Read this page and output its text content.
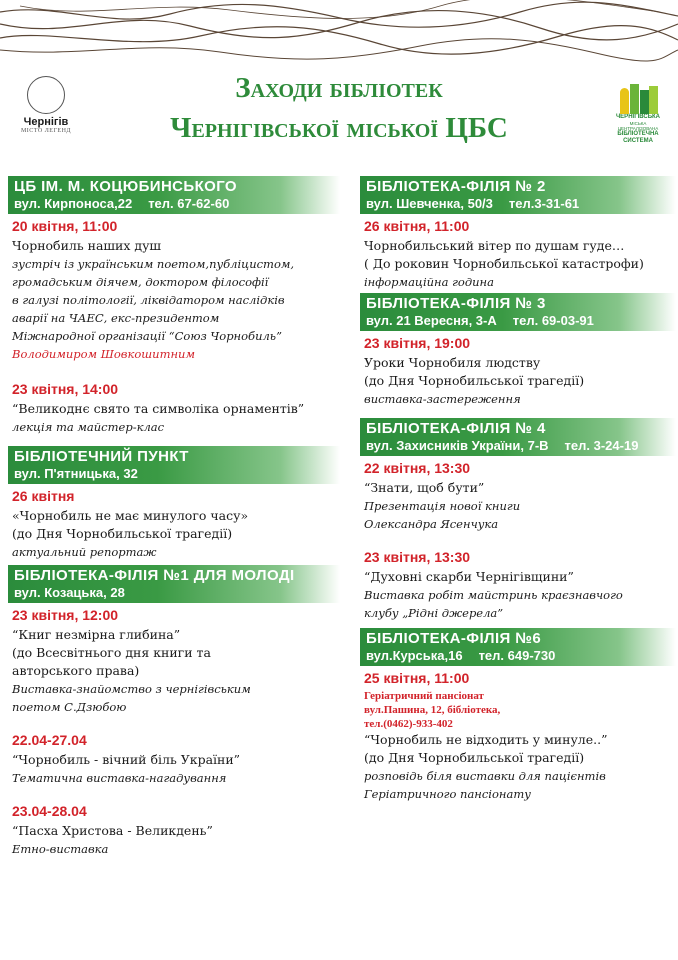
Чернігів
МІСТО ЛЕГЕНД
ЧЕРНІГІВСЬКА
МІСЬКА ЦЕНТРАЛІЗОВАНА
БІБЛІОТЕЧНА
СИСТЕМА
Заходи бібліотек
Чернігівської міської ЦБС
ЦБ ІМ. М. КОЦЮБИНСЬКОГО
вул. Кирпоноса,22 тел. 67-62-60
20 квітня, 11:00
Чорнобиль наших душ
зустріч із українським поетом,публіцистом,
громадським діячем, доктором філософії
в галузі політології, ліквідатором наслідків
аварії на ЧАЕС, екс-президентом
Міжнародної організації “Союз Чорнобиль”
Володимиром Шовкошитним
23 квітня, 14:00
“Великоднє свято та символіка орнаментів”
лекція та майстер-клас
БІБЛІОТЕЧНИЙ ПУНКТ
вул. П'ятницька, 32
26 квітня
«Чорнобиль не має минулого часу»
(до Дня Чорнобильської трагедії)
актуальний репортаж
БІБЛІОТЕКА-ФІЛІЯ №1 ДЛЯ МОЛОДІ
вул. Козацька, 28
23 квітня, 12:00
“Книг незмірна глибина”
(до Всесвітнього дня книги та
авторського права)
Виставка-знайомство з чернігівським
поетом С.Дзюбою
22.04-27.04
“Чорнобиль - вічний біль України”
Тематична виставка-нагадування
23.04-28.04
“Пасха Христова - Великдень”
Етно-виставка
БІБЛІОТЕКА-ФІЛІЯ № 2
вул. Шевченка, 50/3 тел.3-31-61
26 квітня, 11:00
Чорнобильський вітер по душам гуде…
( До роковин Чорнобильської катастрофи)
інформаційна година
БІБЛІОТЕКА-ФІЛІЯ № 3
вул. 21 Вересня, 3-А тел. 69-03-91
23 квітня, 19:00
Уроки Чорнобиля людству
(до Дня Чорнобильської трагедії)
виставка-застереження
БІБЛІОТЕКА-ФІЛІЯ № 4
вул. Захисників України, 7-В тел. 3-24-19
22 квітня, 13:30
“Знати, щоб бути”
Презентація нової книги
Олександра Ясенчука
23 квітня, 13:30
“Духовні скарби Чернігівщини”
Виставка робіт майстринь краєзнавчого
клубу „Рідні джерела”
БІБЛІОТЕКА-ФІЛІЯ №6
вул.Курська,16 тел. 649-730
25 квітня, 11:00
Геріатричний пансіонат
вул.Пашина, 12, бібліотека,
тел.(0462)-933-402
“Чорнобиль не відходить у минуле..”
(до Дня Чорнобильської трагедії)
розповідь біля виставки для пацієнтів
Геріатричного пансіонату
